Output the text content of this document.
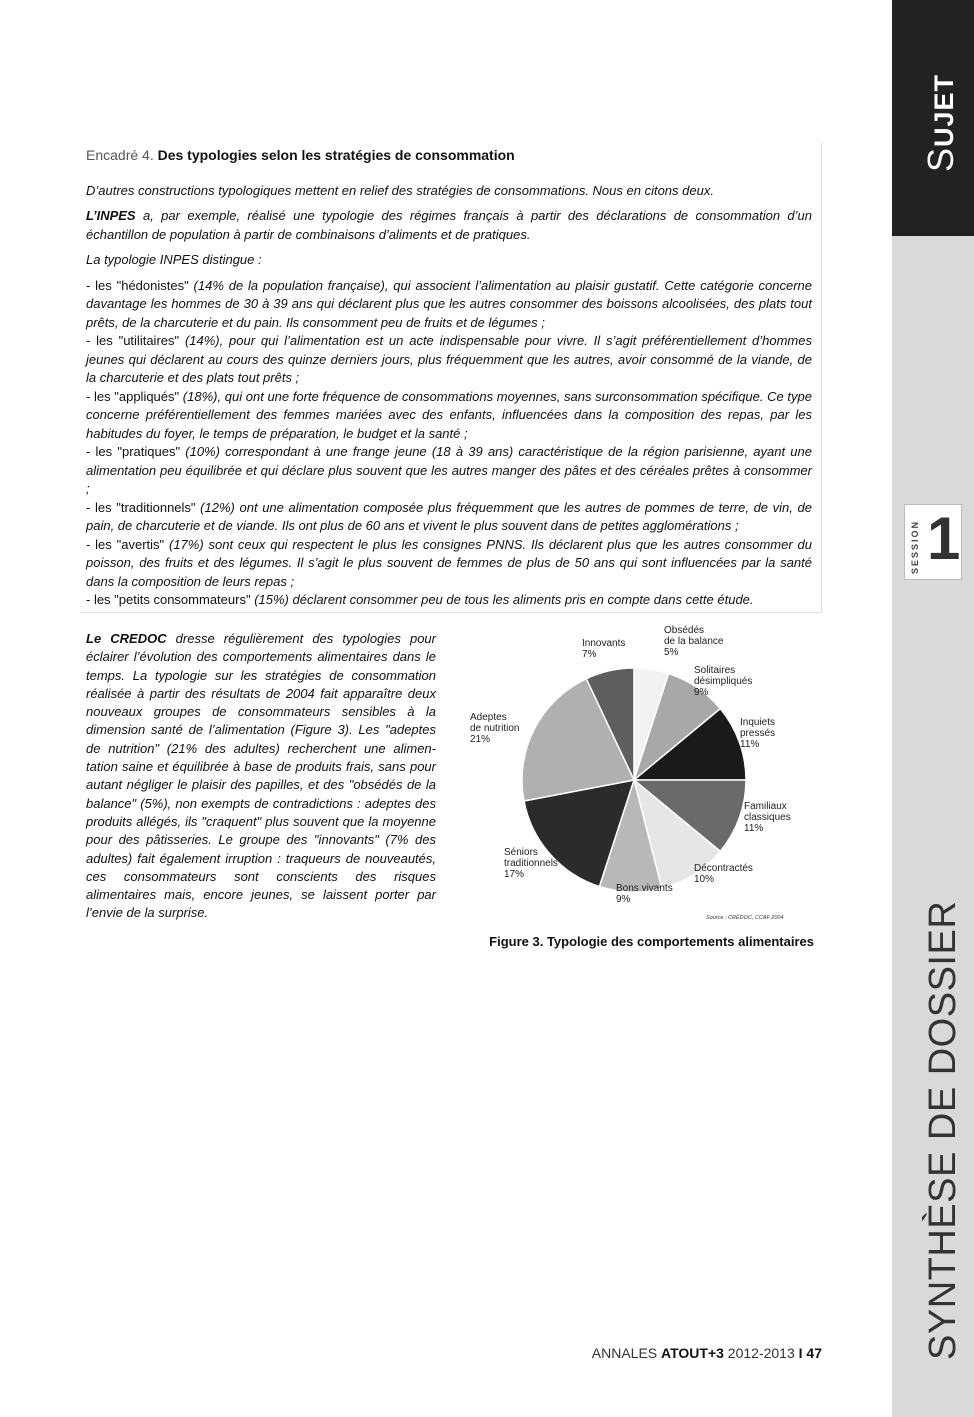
SUJET
SESSION 1
SYNTHÈSE DE DOSSIER

Encadré 4. Des typologies selon les stratégies de consommation

D’autres constructions typologiques mettent en relief des stratégies de consommations. Nous en citons deux.

L’INPES a, par exemple, réalisé une typologie des régimes français à partir des déclarations de consommation d’un échantillon de population à partir de combinaisons d’aliments et de pratiques.

La typologie INPES distingue :

- les "hédonistes" (14% de la population française), qui associent l’alimentation au plaisir gustatif. Cette catégorie concerne davantage les hommes de 30 à 39 ans qui déclarent plus que les autres consommer des boissons alcoolisées, des plats tout prêts, de la charcuterie et du pain. Ils consomment peu de fruits et de légumes ;

- les "utilitaires" (14%), pour qui l’alimentation est un acte indispensable pour vivre. Il s’agit préférentiellement d’hommes jeunes qui déclarent au cours des quinze derniers jours, plus fréquemment que les autres, avoir consommé de la viande, de la charcuterie et des plats tout prêts ;

- les "appliqués" (18%), qui ont une forte fréquence de consommations moyennes, sans surconsommation spécifique. Ce type concerne préférentiellement des femmes mariées avec des enfants, influencées dans la composition des repas, par les habitudes du foyer, le temps de préparation, le budget et la santé ;

- les "pratiques" (10%) correspondant à une frange jeune (18 à 39 ans) caractéristique de la région parisienne, ayant une alimentation peu équilibrée et qui déclare plus souvent que les autres manger des pâtes et des céréales prêtes à consommer ;

- les "traditionnels" (12%) ont une alimentation composée plus fréquemment que les autres de pommes de terre, de vin, de pain, de charcuterie et de viande. Ils ont plus de 60 ans et vivent le plus souvent dans de petites agglomérations ;

- les "avertis" (17%) sont ceux qui respectent le plus les consignes PNNS. Ils déclarent plus que les autres consommer du poisson, des fruits et des légumes. Il s’agit le plus souvent de femmes de plus de 50 ans qui sont influencées par la santé dans la composition de leurs repas ;

- les "petits consommateurs" (15%) déclarent consommer peu de tous les aliments pris en compte dans cette étude.

Le CREDOC dresse régulièrement des typologies pour éclairer l’évolution des comportements alimentaires dans le temps. La typologie sur les stratégies de consommation réalisée à partir des résultats de 2004 fait apparaître deux nouveaux groupes de consommateurs sensibles à la dimension santé de l’alimentation (Figure 3). Les "adeptes de nutrition" (21% des adultes) recherchent une alimen-tation saine et équilibrée à base de produits frais, sans pour autant négliger le plaisir des papilles, et des "obsédés de la balance" (5%), non exempts de contradictions : adeptes des produits allégés, ils "craquent" plus souvent que la moyenne pour des pâtisseries. Le groupe des "innovants" (7% des adultes) fait également irruption : traqueurs de nouveautés, ces consommateurs sont conscients des risques alimentaires mais, encore jeunes, se laissent porter par l’envie de la surprise.	Source : CRÉDOC, CCAF 2004
Obsédés
de la balance
5%
Solitaires
désimpliqués
9%
Inquiets
pressés
11%
Familiaux
classiques
11%
Décontractés
10%
Bons vivants
9%
Séniors
traditionnels
17%
Adeptes
de nutrition
21%
Innovants
7%
Figure 3. Typologie des comportements alimentaires
ANNALES ATOUT+3 2012-2013 I 47
